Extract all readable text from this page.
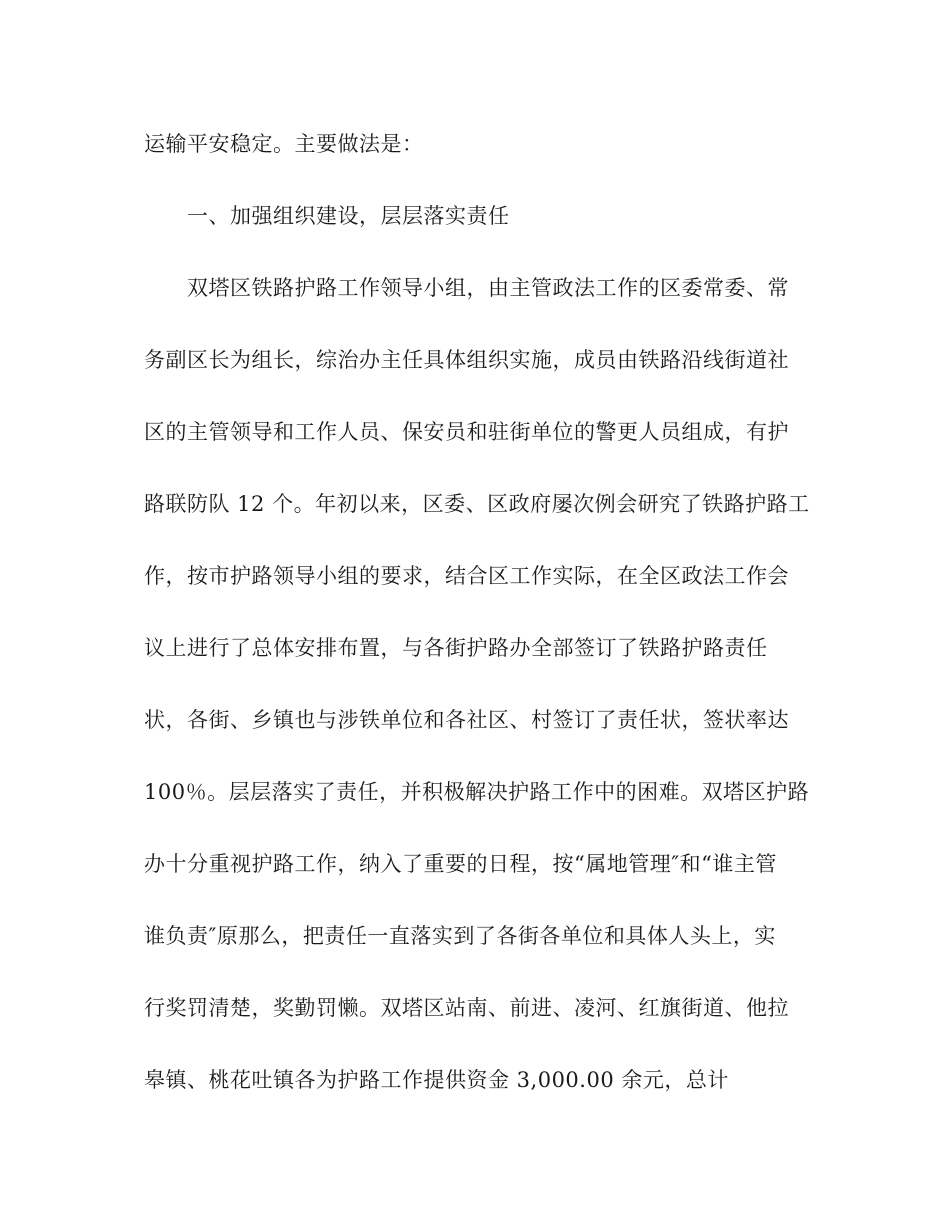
运输平安稳定。主要做法是：
一、加强组织建设，层层落实责任
双塔区铁路护路工作领导小组，由主管政法工作的区委常委、常
务副区长为组长，综治办主任具体组织实施，成员由铁路沿线街道社
区的主管领导和工作人员、保安员和驻街单位的警更人员组成，有护
路联防队 12 个。年初以来，区委、区政府屡次例会研究了铁路护路工
作，按市护路领导小组的要求，结合区工作实际，在全区政法工作会
议上进行了总体安排布置，与各街护路办全部签订了铁路护路责任
状，各街、乡镇也与涉铁单位和各社区、村签订了责任状，签状率达
100％。层层落实了责任，并积极解决护路工作中的困难。双塔区护路
办十分重视护路工作，纳入了重要的日程，按“属地管理″和“谁主管
谁负责″原那么，把责任一直落实到了各街各单位和具体人头上，实
行奖罚清楚，奖勤罚懒。双塔区站南、前进、凌河、红旗街道、他拉
皋镇、桃花吐镇各为护路工作提供资金 3,000.00 余元，总计
